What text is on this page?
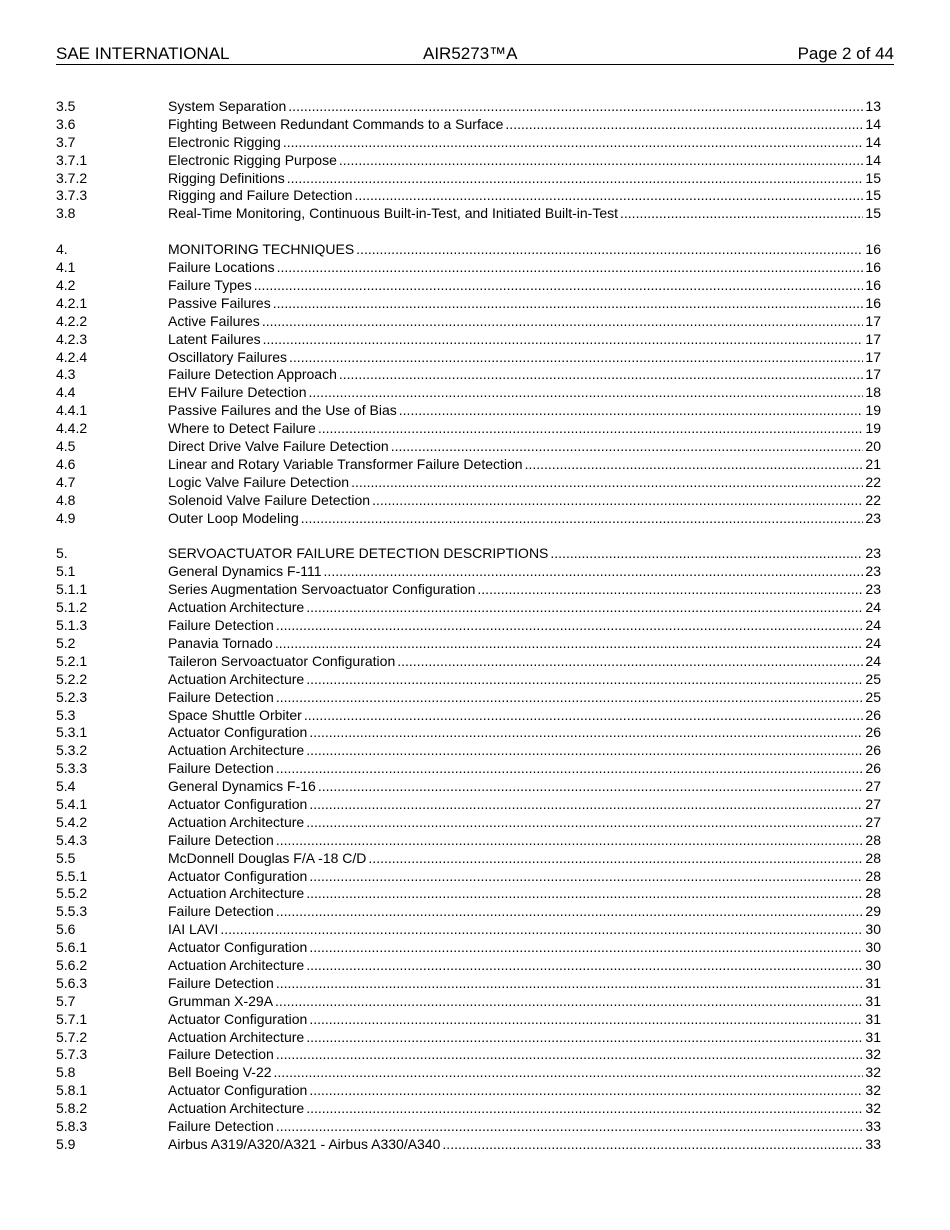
SAE INTERNATIONAL	AIR5273™A	Page 2 of 44
3.5	System Separation .....	13
3.6	Fighting Between Redundant Commands to a Surface .....	14
3.7	Electronic Rigging .....	14
3.7.1	Electronic Rigging Purpose .....	14
3.7.2	Rigging Definitions .....	15
3.7.3	Rigging and Failure Detection .....	15
3.8	Real-Time Monitoring, Continuous Built-in-Test, and Initiated Built-in-Test .....	15
4.	MONITORING TECHNIQUES .....	16
4.1	Failure Locations .....	16
4.2	Failure Types .....	16
4.2.1	Passive Failures .....	16
4.2.2	Active Failures .....	17
4.2.3	Latent Failures .....	17
4.2.4	Oscillatory Failures .....	17
4.3	Failure Detection Approach .....	17
4.4	EHV Failure Detection .....	18
4.4.1	Passive Failures and the Use of Bias .....	19
4.4.2	Where to Detect Failure .....	19
4.5	Direct Drive Valve Failure Detection .....	20
4.6	Linear and Rotary Variable Transformer Failure Detection .....	21
4.7	Logic Valve Failure Detection .....	22
4.8	Solenoid Valve Failure Detection .....	22
4.9	Outer Loop Modeling .....	23
5.	SERVOACTUATOR FAILURE DETECTION DESCRIPTIONS .....	23
5.1	General Dynamics F-111 .....	23
5.1.1	Series Augmentation Servoactuator Configuration .....	23
5.1.2	Actuation Architecture .....	24
5.1.3	Failure Detection .....	24
5.2	Panavia Tornado .....	24
5.2.1	Taileron Servoactuator Configuration .....	24
5.2.2	Actuation Architecture .....	25
5.2.3	Failure Detection .....	25
5.3	Space Shuttle Orbiter .....	26
5.3.1	Actuator Configuration .....	26
5.3.2	Actuation Architecture .....	26
5.3.3	Failure Detection .....	26
5.4	General Dynamics F-16 .....	27
5.4.1	Actuator Configuration .....	27
5.4.2	Actuation Architecture .....	27
5.4.3	Failure Detection .....	28
5.5	McDonnell Douglas F/A -18 C/D .....	28
5.5.1	Actuator Configuration .....	28
5.5.2	Actuation Architecture .....	28
5.5.3	Failure Detection .....	29
5.6	IAI LAVI .....	30
5.6.1	Actuator Configuration .....	30
5.6.2	Actuation Architecture .....	30
5.6.3	Failure Detection .....	31
5.7	Grumman X-29A .....	31
5.7.1	Actuator Configuration .....	31
5.7.2	Actuation Architecture .....	31
5.7.3	Failure Detection .....	32
5.8	Bell Boeing V-22 .....	32
5.8.1	Actuator Configuration .....	32
5.8.2	Actuation Architecture .....	32
5.8.3	Failure Detection .....	33
5.9	Airbus A319/A320/A321 - Airbus A330/A340 .....	33
